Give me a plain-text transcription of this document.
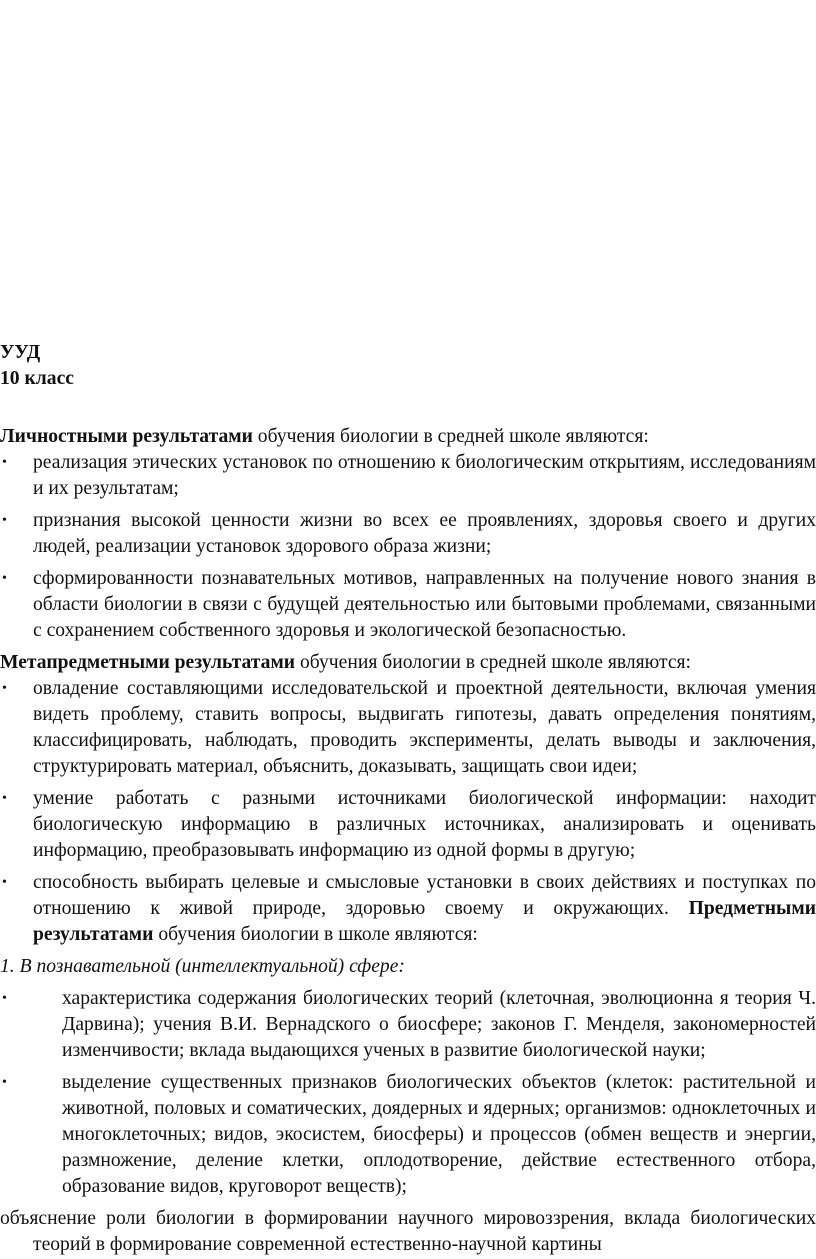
УУД
10 класс

Личностными результатами обучения биологии в средней школе являются:

• реализация этических установок по отношению к биологическим открытиям, исследованиям и их результатам;
• признания высокой ценности жизни во всех ее проявлениях, здоровья своего и других людей, реализации установок здорового образа жизни;
• сформированности познавательных мотивов, направленных на получение нового знания в области биологии в связи с будущей деятельностью или бытовыми проблемами, связанными с сохранением собственного здоровья и экологической безопасностью.

Метапредметными результатами обучения биологии в средней школе являются:

• овладение составляющими исследовательской и проектной деятельности, включая умения видеть проблему, ставить вопросы, выдвигать гипотезы, давать определения понятиям, классифицировать, наблюдать, проводить эксперименты, делать выводы и заключения, структурировать материал, объяснить, доказывать, защищать свои идеи;
• умение работать с разными источниками биологической информации: находит биологическую информацию в различных источниках, анализировать и оценивать информацию, преобразовывать информацию из одной формы в другую;
• способность выбирать целевые и смысловые установки в своих действиях и поступках по отношению к живой природе, здоровью своему и окружающих. Предметными результатами обучения биологии в школе являются:

1. В познавательной (интеллектуальной) сфере:

• характеристика содержания биологических теорий (клеточная, эволюционна я теория Ч. Дарвина); учения В.И. Вернадского о биосфере; законов Г. Менделя, закономерностей изменчивости; вклада выдающихся ученых в развитие биологической науки;
• выделение существенных признаков биологических объектов (клеток: растительной и животной, половых и соматических, доядерных и ядерных; организмов: одноклеточных и многоклеточных; видов, экосистем, биосферы) и процессов (обмен веществ и энергии, размножение, деление клетки, оплодотворение, действие естественного отбора, образование видов, круговорот веществ);

объяснение роли биологии в формировании научного мировоззрения, вклада биологических теорий в формирование современной естественно-научной картины
